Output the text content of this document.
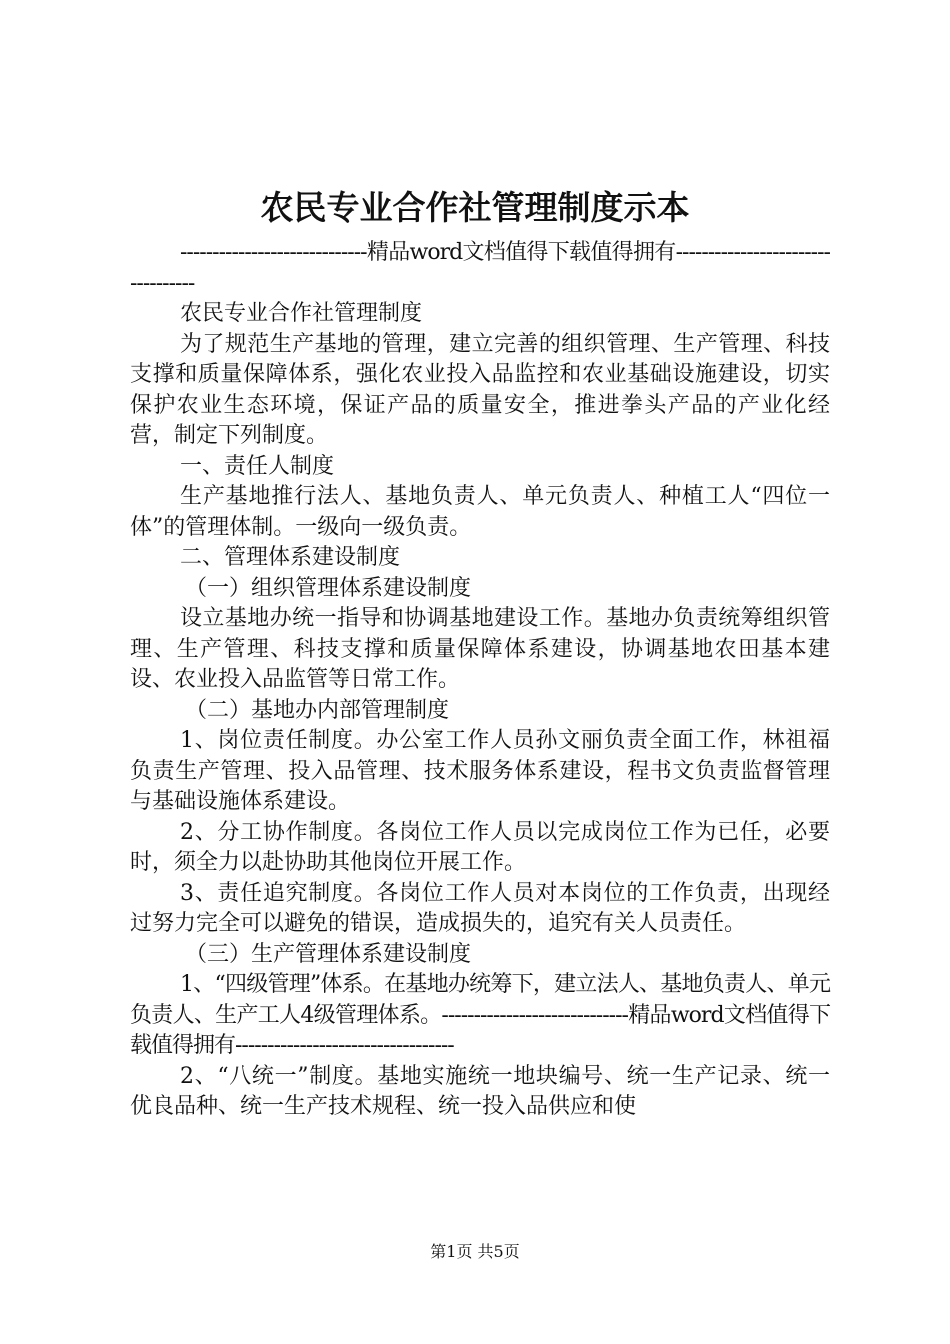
农民专业合作社管理制度示本

-----------------------------精品word文档值得下载值得拥有----------------------------------

农民专业合作社管理制度

为了规范生产基地的管理，建立完善的组织管理、生产管理、科技支撑和质量保障体系，强化农业投入品监控和农业基础设施建设，切实保护农业生态环境，保证产品的质量安全，推进拳头产品的产业化经营，制定下列制度。

一、责任人制度

生产基地推行法人、基地负责人、单元负责人、种植工人“四位一体”的管理体制。一级向一级负责。

二、管理体系建设制度

（一）组织管理体系建设制度

设立基地办统一指导和协调基地建设工作。基地办负责统筹组织管理、生产管理、科技支撑和质量保障体系建设，协调基地农田基本建设、农业投入品监管等日常工作。

（二）基地办内部管理制度

1、岗位责任制度。办公室工作人员孙文丽负责全面工作，林祖福负责生产管理、投入品管理、技术服务体系建设，程书文负责监督管理与基础设施体系建设。

2、分工协作制度。各岗位工作人员以完成岗位工作为已任，必要时，须全力以赴协助其他岗位开展工作。

3、责任追究制度。各岗位工作人员对本岗位的工作负责，出现经过努力完全可以避免的错误，造成损失的，追究有关人员责任。

（三）生产管理体系建设制度

1、“四级管理”体系。在基地办统筹下，建立法人、基地负责人、单元负责人、生产工人4级管理体系。-----------------------------精品word文档值得下载值得拥有----------------------------------

2、“八统一”制度。基地实施统一地块编号、统一生产记录、统一优良品种、统一生产技术规程、统一投入品供应和使

第1页 共5页
